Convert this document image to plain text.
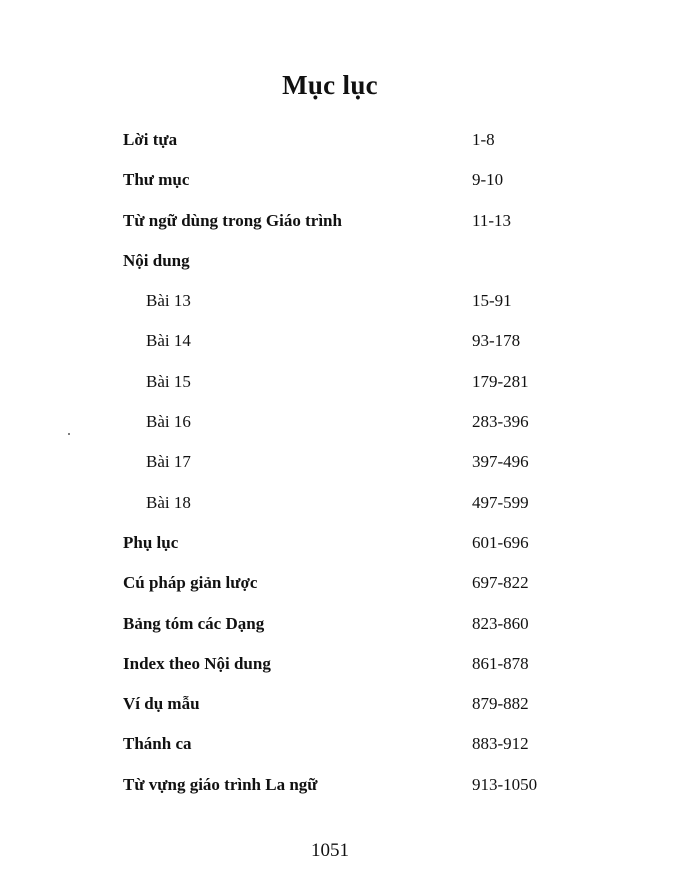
Mục lục
Lời tựa	1-8
Thư mục	9-10
Từ ngữ dùng trong Giáo trình	11-13
Nội dung
Bài 13	15-91
Bài 14	93-178
Bài 15	179-281
Bài 16	283-396
Bài 17	397-496
Bài 18	497-599
Phụ lục	601-696
Cú pháp giản lược	697-822
Bảng tóm các Dạng	823-860
Index theo Nội dung	861-878
Ví dụ mẫu	879-882
Thánh ca	883-912
Từ vựng giáo trình La ngữ	913-1050
1051
